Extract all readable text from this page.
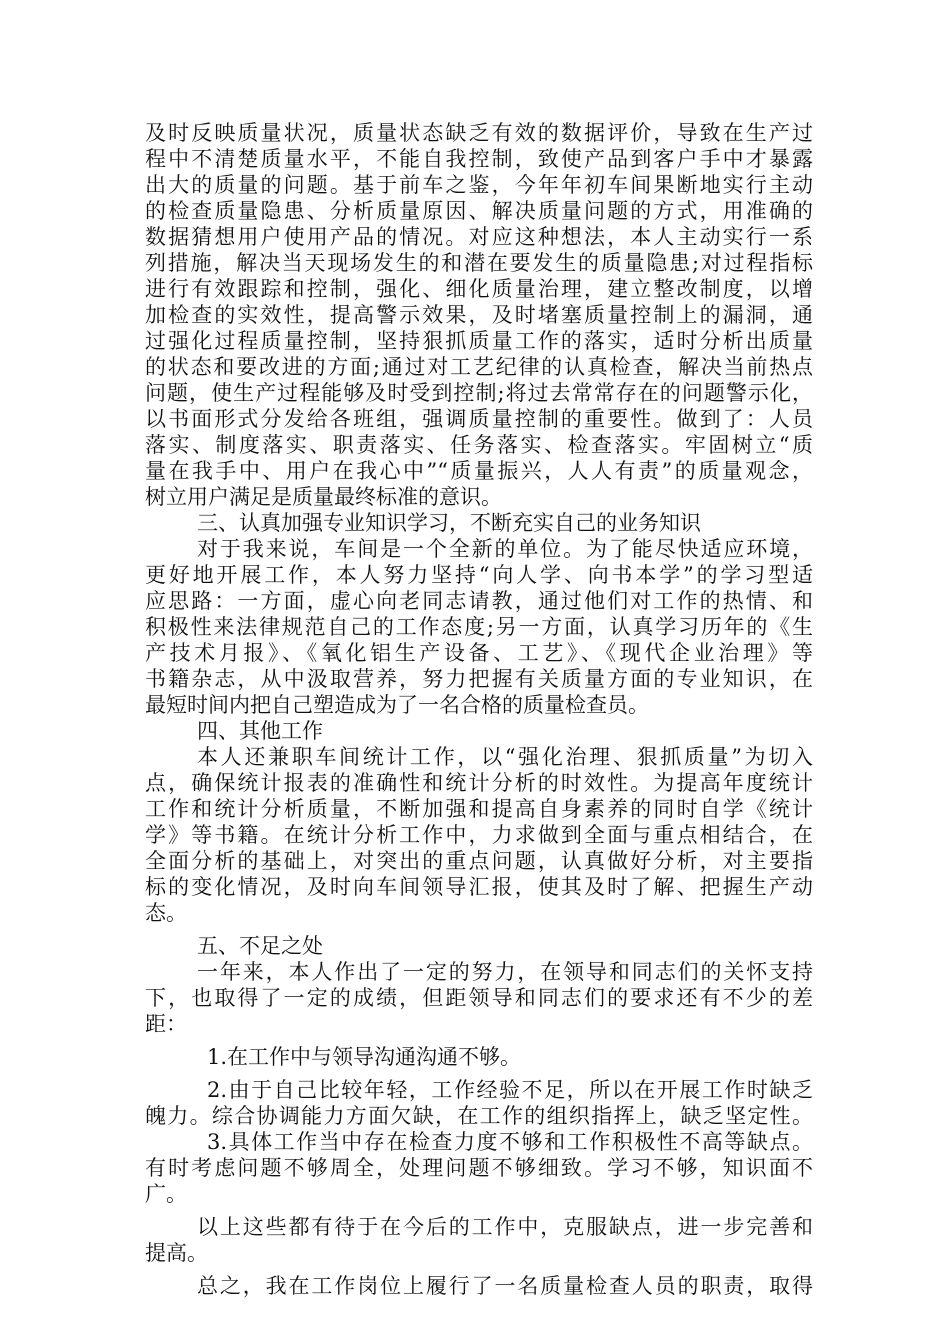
及时反映质量状况，质量状态缺乏有效的数据评价，导致在生产过
程中不清楚质量水平，不能自我控制，致使产品到客户手中才暴露
出大的质量的问题。基于前车之鉴，今年年初车间果断地实行主动
的检查质量隐患、分析质量原因、解决质量问题的方式，用准确的
数据猜想用户使用产品的情况。对应这种想法，本人主动实行一系
列措施，解决当天现场发生的和潜在要发生的质量隐患;对过程指标
进行有效跟踪和控制，强化、细化质量治理，建立整改制度，以增
加检查的实效性，提高警示效果，及时堵塞质量控制上的漏洞，通
过强化过程质量控制，坚持狠抓质量工作的落实，适时分析出质量
的状态和要改进的方面;通过对工艺纪律的认真检查，解决当前热点
问题，使生产过程能够及时受到控制;将过去常常存在的问题警示化，
以书面形式分发给各班组，强调质量控制的重要性。做到了：人员
落实、制度落实、职责落实、任务落实、检查落实。牢固树立“质
量在我手中、用户在我心中”“质量振兴，人人有责”的质量观念，
树立用户满足是质量最终标准的意识。
三、认真加强专业知识学习，不断充实自己的业务知识
对于我来说，车间是一个全新的单位。为了能尽快适应环境，
更好地开展工作，本人努力坚持“向人学、向书本学”的学习型适
应思路：一方面，虚心向老同志请教，通过他们对工作的热情、和
积极性来法律规范自己的工作态度;另一方面，认真学习历年的《生
产技术月报》、《氧化铝生产设备、工艺》、《现代企业治理》等
书籍杂志，从中汲取营养，努力把握有关质量方面的专业知识，在
最短时间内把自己塑造成为了一名合格的质量检查员。
四、其他工作
本人还兼职车间统计工作，以“强化治理、狠抓质量”为切入
点，确保统计报表的准确性和统计分析的时效性。为提高年度统计
工作和统计分析质量，不断加强和提高自身素养的同时自学《统计
学》等书籍。在统计分析工作中，力求做到全面与重点相结合，在
全面分析的基础上，对突出的重点问题，认真做好分析，对主要指
标的变化情况，及时向车间领导汇报，使其及时了解、把握生产动
态。
五、不足之处
一年来，本人作出了一定的努力，在领导和同志们的关怀支持
下，也取得了一定的成绩，但距领导和同志们的要求还有不少的差
距：
1.在工作中与领导沟通沟通不够。
2.由于自己比较年轻，工作经验不足，所以在开展工作时缺乏
魄力。综合协调能力方面欠缺，在工作的组织指挥上，缺乏坚定性。
3.具体工作当中存在检查力度不够和工作积极性不高等缺点。
有时考虑问题不够周全，处理问题不够细致。学习不够，知识面不
广。
以上这些都有待于在今后的工作中，克服缺点，进一步完善和
提高。
总之，我在工作岗位上履行了一名质量检查人员的职责，取得
